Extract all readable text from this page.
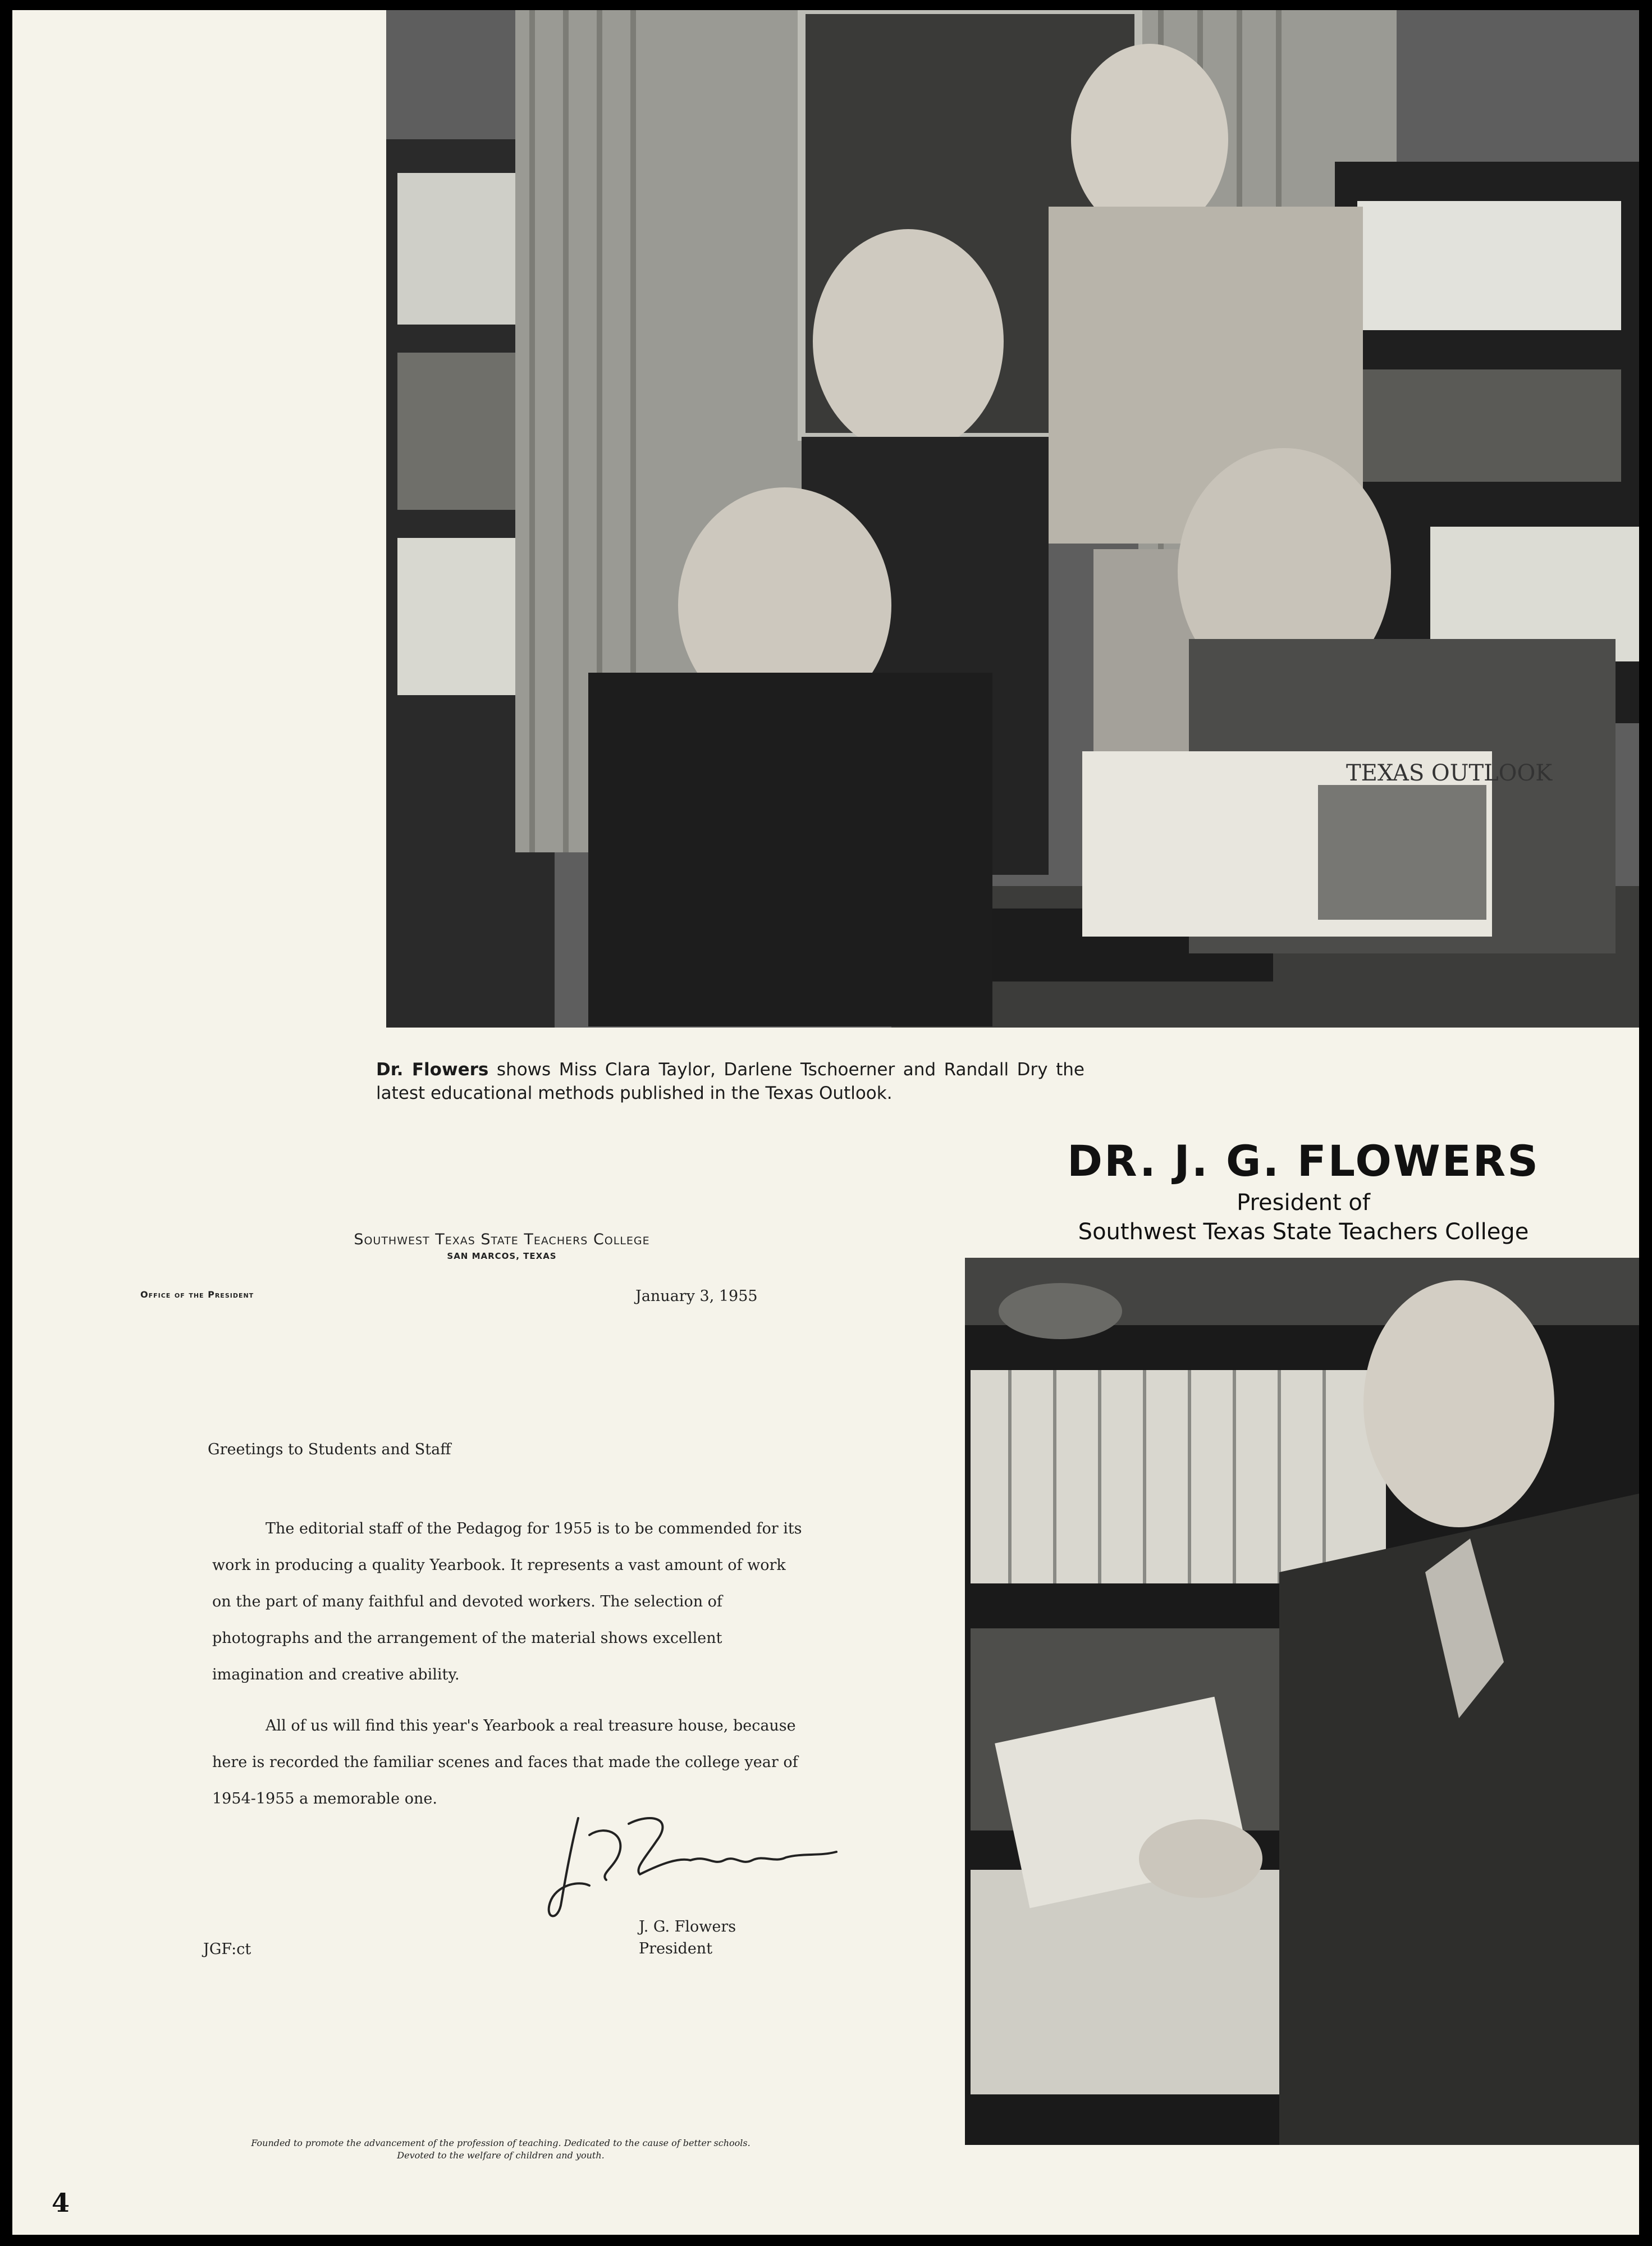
TEXAS OUTLOOK
Dr. Flowers shows Miss Clara Taylor, Darlene Tschoerner and Randall Dry the latest educational methods published in the Texas Outlook.
DR. J. G. FLOWERS
President of
Southwest Texas State Teachers College
Southwest Texas State Teachers College
SAN MARCOS, TEXAS
Office of the President	January 3, 1955
Greetings to Students and Staff
The editorial staff of the Pedagog for 1955 is to be commended for its work in producing a quality Yearbook. It represents a vast amount of work on the part of many faithful and devoted workers. The selection of photographs and the arrangement of the material shows excellent imagination and creative ability.
All of us will find this year's Yearbook a real treasure house, because here is recorded the familiar scenes and faces that made the college year of 1954-1955 a memorable one.
J. G. Flowers
President
JGF:ct
Founded to promote the advancement of the profession of teaching. Dedicated to the cause of better schools. Devoted to the welfare of children and youth.
4
